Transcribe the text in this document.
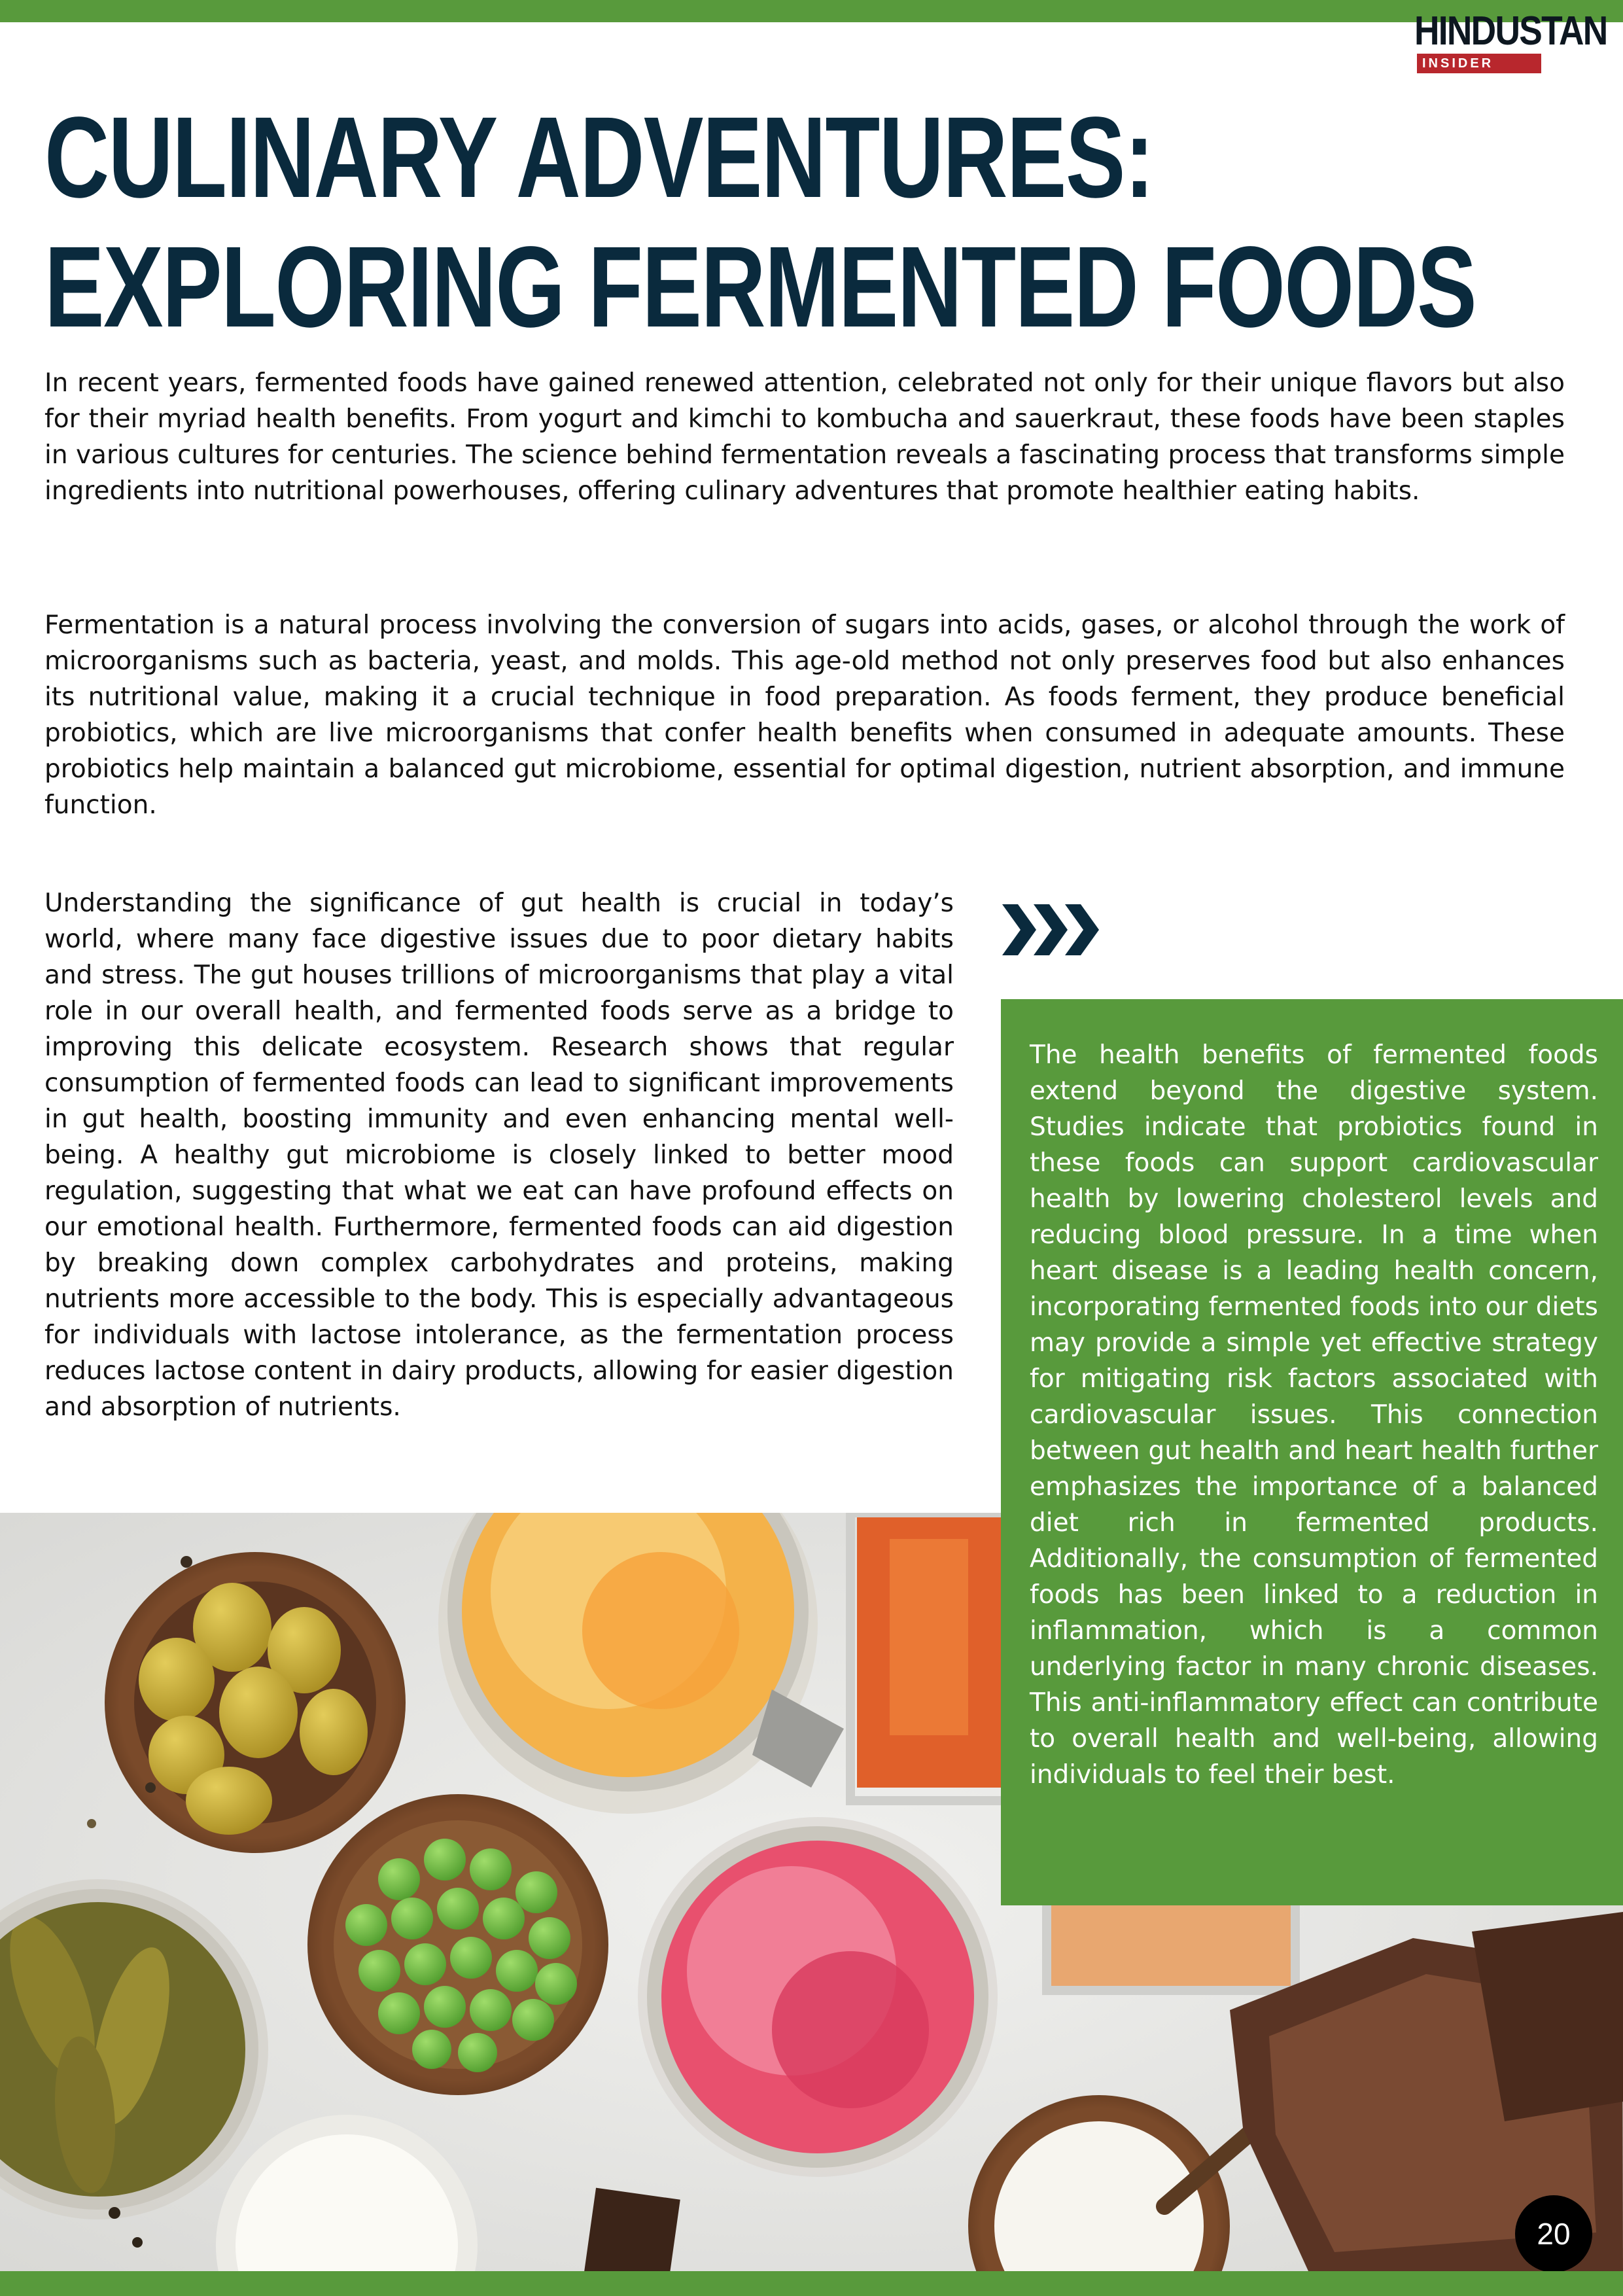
HINDUSTAN
INSIDER
CULINARY ADVENTURES:
EXPLORING FERMENTED FOODS

In recent years, fermented foods have gained renewed attention, celebrated not only for their unique flavors but also for their myriad health benefits. From yogurt and kimchi to kombucha and sauerkraut, these foods have been staples in various cultures for centuries. The science behind fermentation reveals a fascinating process that transforms simple ingredients into nutritional powerhouses, offering culinary adventures that promote healthier eating habits.

Fermentation is a natural process involving the conversion of sugars into acids, gases, or alcohol through the work of microorganisms such as bacteria, yeast, and molds. This age-old method not only preserves food but also enhances its nutritional value, making it a crucial technique in food preparation. As foods ferment, they produce beneficial probiotics, which are live microorganisms that confer health benefits when consumed in adequate amounts. These probiotics help maintain a balanced gut microbiome, essential for optimal digestion, nutrient absorption, and immune function.

Understanding the significance of gut health is crucial in today’s world, where many face digestive issues due to poor dietary habits and stress. The gut houses trillions of microorganisms that play a vital role in our overall health, and fermented foods serve as a bridge to improving this delicate ecosystem. Research shows that regular consumption of fermented foods can lead to significant improvements in gut health, boosting immunity and even enhancing mental well-being. A healthy gut microbiome is closely linked to better mood regulation, suggesting that what we eat can have profound effects on our emotional health. Furthermore, fermented foods can aid digestion by breaking down complex carbohydrates and proteins, making nutrients more accessible to the body. This is especially advantageous for individuals with lactose intolerance, as the fermentation process reduces lactose content in dairy products, allowing for easier digestion and absorption of nutrients.

The health benefits of fermented foods extend beyond the digestive system. Studies indicate that probiotics found in these foods can support cardiovascular health by lowering cholesterol levels and reducing blood pressure. In a time when heart disease is a leading health concern, incorporating fermented foods into our diets may provide a simple yet effective strategy for mitigating risk factors associated with cardiovascular issues. This connection between gut health and heart health further emphasizes the importance of a balanced diet rich in fermented products. Additionally, the consumption of fermented foods has been linked to a reduction in inflammation, which is a common underlying factor in many chronic diseases. This anti-inflammatory effect can contribute to overall health and well-being, allowing individuals to feel their best.

20
